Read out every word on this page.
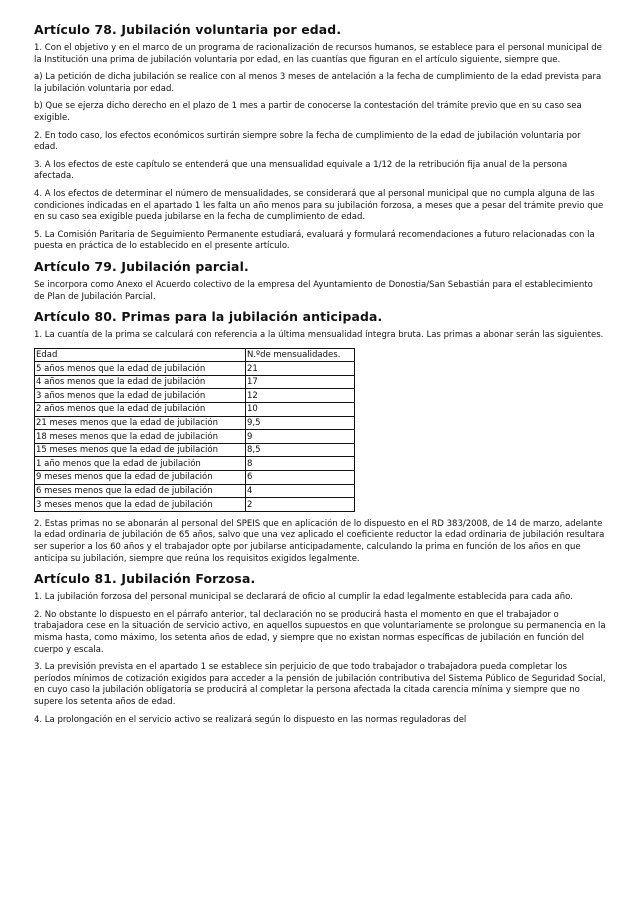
Artículo 78. Jubilación voluntaria por edad.
1. Con el objetivo y en el marco de un programa de racionalización de recursos humanos, se establece para el personal municipal de la Institución una prima de jubilación voluntaria por edad, en las cuantías que figuran en el artículo siguiente, siempre que.
a) La petición de dicha jubilación se realice con al menos 3 meses de antelación a la fecha de cumplimiento de la edad prevista para la jubilación voluntaria por edad.
b) Que se ejerza dicho derecho en el plazo de 1 mes a partir de conocerse la contestación del trámite previo que en su caso sea exigible.
2. En todo caso, los efectos económicos surtirán siempre sobre la fecha de cumplimiento de la edad de jubilación voluntaria por edad.
3. A los efectos de este capítulo se entenderá que una mensualidad equivale a 1/12 de la retribución fija anual de la persona afectada.
4. A los efectos de determinar el número de mensualidades, se considerará que al personal municipal que no cumpla alguna de las condiciones indicadas en el apartado 1 les falta un año menos para su jubilación forzosa, a meses que a pesar del trámite previo que en su caso sea exigible pueda jubilarse en la fecha de cumplimiento de edad.
5. La Comisión Paritaria de Seguimiento Permanente estudiará, evaluará y formulará recomendaciones a futuro relacionadas con la puesta en práctica de lo establecido en el presente artículo.
Artículo 79. Jubilación parcial.
Se incorpora como Anexo el Acuerdo colectivo de la empresa del Ayuntamiento de Donostia/San Sebastián para el establecimiento de Plan de Jubilación Parcial.
Artículo 80. Primas para la jubilación anticipada.
1. La cuantía de la prima se calculará con referencia a la última mensualidad íntegra bruta. Las primas a abonar serán las siguientes.
Edad	N.ºde mensualidades.
5 años menos que la edad de jubilación	21
4 años menos que la edad de jubilación	17
3 años menos que la edad de jubilación	12
2 años menos que la edad de jubilación	10
21 meses menos que la edad de jubilación	9,5
18 meses menos que la edad de jubilación	9
15 meses menos que la edad de jubilación	8,5
1 año menos que la edad de jubilación	8
9 meses menos que la edad de jubilación	6
6 meses menos que la edad de jubilación	4
3 meses menos que la edad de jubilación	2
2. Estas primas no se abonarán al personal del SPEIS que en aplicación de lo dispuesto en el RD 383/2008, de 14 de marzo, adelante la edad ordinaria de jubilación de 65 años, salvo que una vez aplicado el coeficiente reductor la edad ordinaria de jubilación resultara ser superior a los 60 años y el trabajador opte por jubilarse anticipadamente, calculando la prima en función de los años en que anticipa su jubilación, siempre que reúna los requisitos exigidos legalmente.
Artículo 81. Jubilación Forzosa.
1. La jubilación forzosa del personal municipal se declarará de oficio al cumplir la edad legalmente establecida para cada año.
2. No obstante lo dispuesto en el párrafo anterior, tal declaración no se producirá hasta el momento en que el trabajador o trabajadora cese en la situación de servicio activo, en aquellos supuestos en que voluntariamente se prolongue su permanencia en la misma hasta, como máximo, los setenta años de edad, y siempre que no existan normas específicas de jubilación en función del cuerpo y escala.
3. La previsión prevista en el apartado 1 se establece sin perjuicio de que todo trabajador o trabajadora pueda completar los períodos mínimos de cotización exigidos para acceder a la pensión de jubilación contributiva del Sistema Público de Seguridad Social, en cuyo caso la jubilación obligatoria se producirá al completar la persona afectada la citada carencia mínima y siempre que no supere los setenta años de edad.
4. La prolongación en el servicio activo se realizará según lo dispuesto en las normas reguladoras del
